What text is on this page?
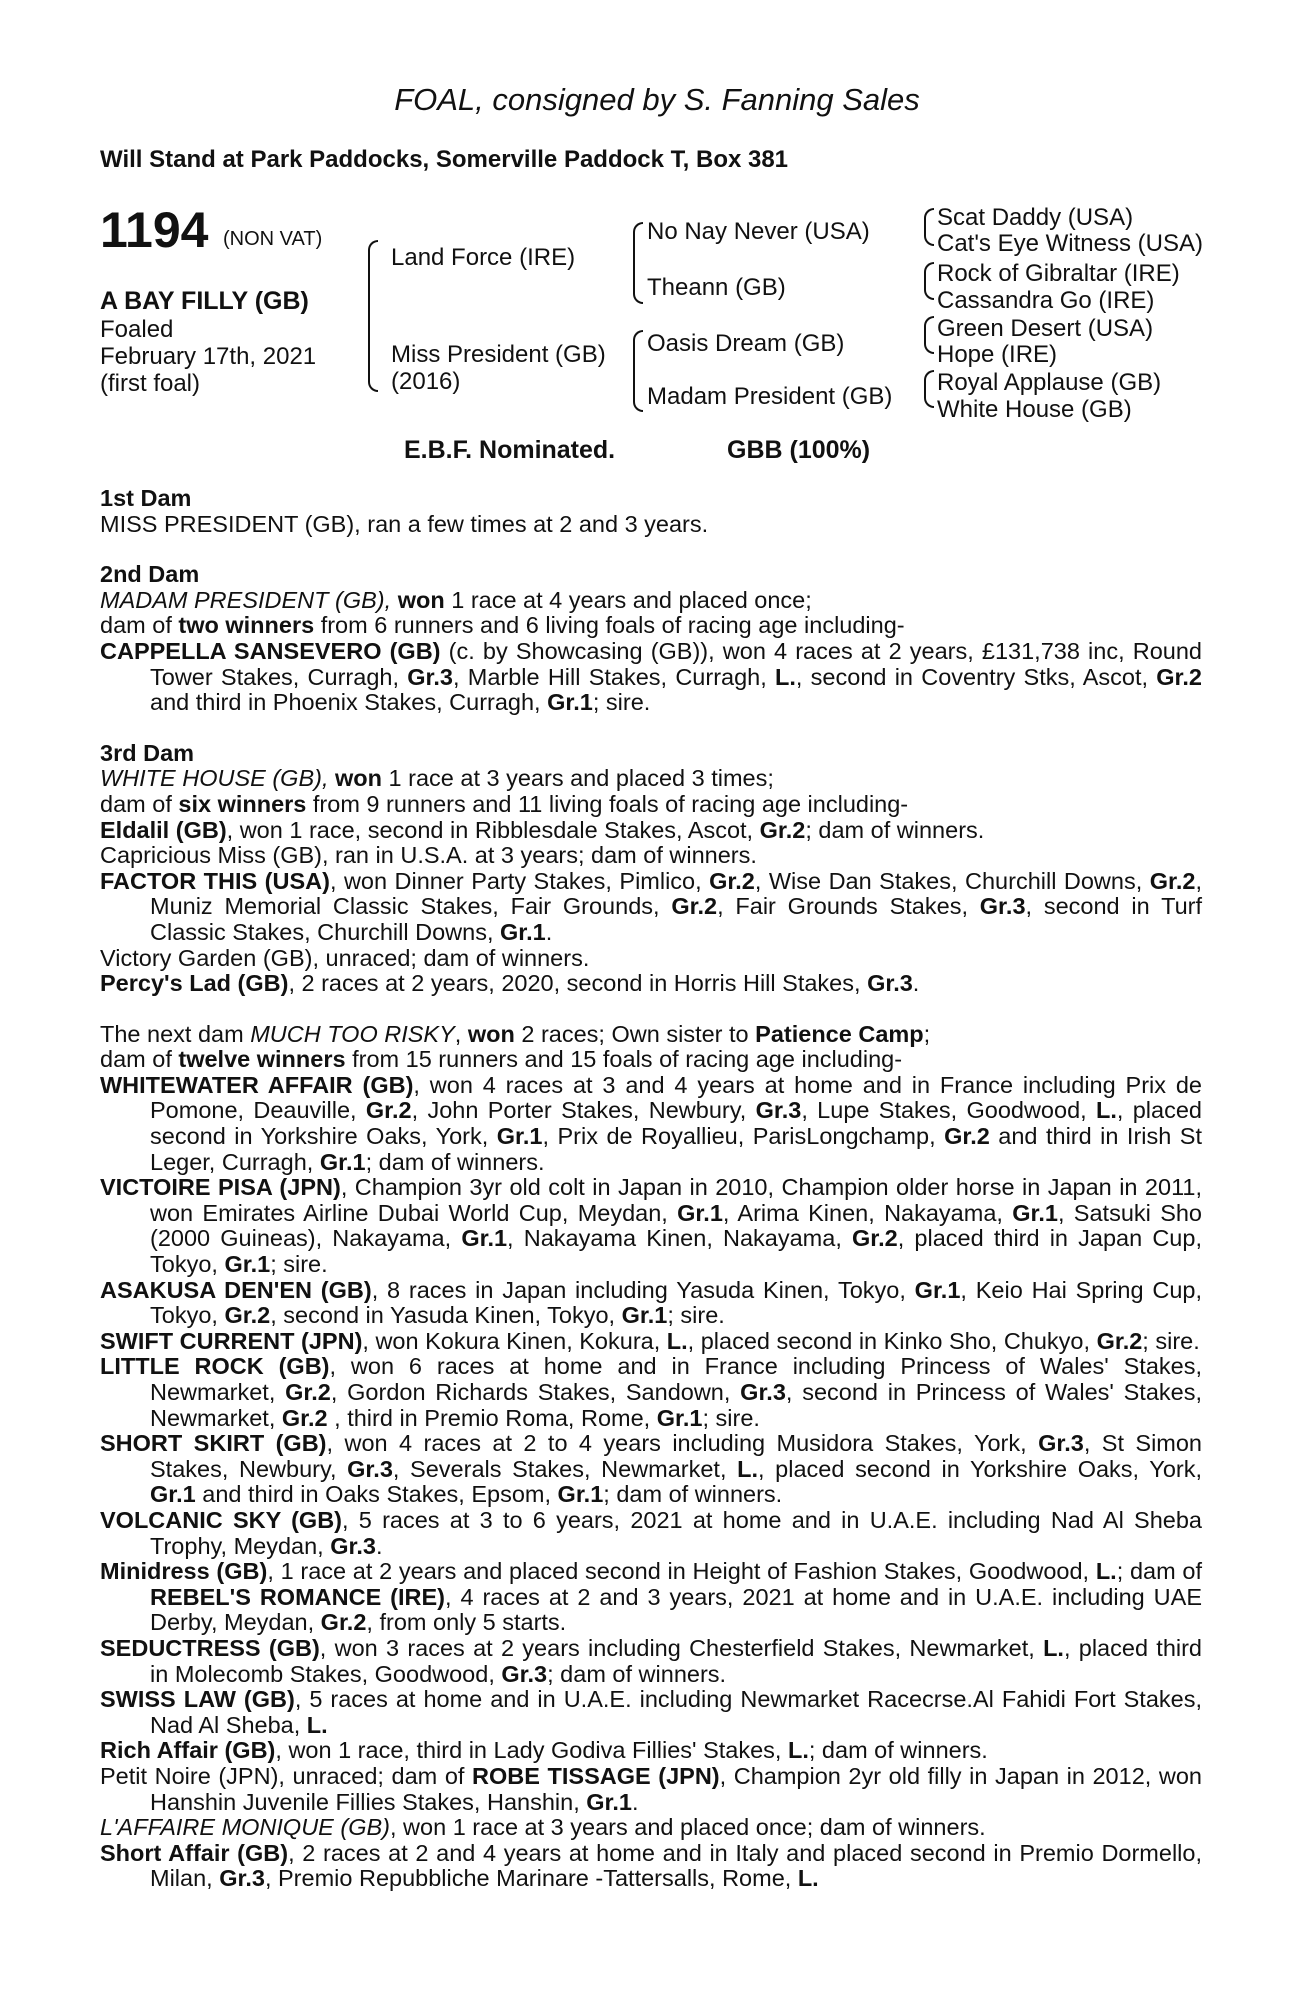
FOAL, consigned by S. Fanning Sales
Will Stand at Park Paddocks, Somerville Paddock T, Box 381
1194 (NON VAT)
A BAY FILLY (GB)
Foaled
February 17th, 2021
(first foal)
Land Force (IRE)
Miss President (GB)
(2016)
No Nay Never (USA)
Theann (GB)
Oasis Dream (GB)
Madam President (GB)
Scat Daddy (USA)
Cat's Eye Witness (USA)
Rock of Gibraltar (IRE)
Cassandra Go (IRE)
Green Desert (USA)
Hope (IRE)
Royal Applause (GB)
White House (GB)
E.B.F. Nominated.	GBB (100%)

1st Dam

MISS PRESIDENT (GB), ran a few times at 2 and 3 years.

2nd Dam

MADAM PRESIDENT (GB), won 1 race at 4 years and placed once;

dam of two winners from 6 runners and 6 living foals of racing age including-

CAPPELLA SANSEVERO (GB) (c. by Showcasing (GB)), won 4 races at 2 years, £131,738 inc, Round Tower Stakes, Curragh, Gr.3, Marble Hill Stakes, Curragh, L., second in Coventry Stks, Ascot, Gr.2 and third in Phoenix Stakes, Curragh, Gr.1; sire.

3rd Dam

WHITE HOUSE (GB), won 1 race at 3 years and placed 3 times;

dam of six winners from 9 runners and 11 living foals of racing age including-

Eldalil (GB), won 1 race, second in Ribblesdale Stakes, Ascot, Gr.2; dam of winners.

Capricious Miss (GB), ran in U.S.A. at 3 years; dam of winners.

FACTOR THIS (USA), won Dinner Party Stakes, Pimlico, Gr.2, Wise Dan Stakes, Churchill Downs, Gr.2, Muniz Memorial Classic Stakes, Fair Grounds, Gr.2, Fair Grounds Stakes, Gr.3, second in Turf Classic Stakes, Churchill Downs, Gr.1.

Victory Garden (GB), unraced; dam of winners.

Percy's Lad (GB), 2 races at 2 years, 2020, second in Horris Hill Stakes, Gr.3.

The next dam MUCH TOO RISKY, won 2 races; Own sister to Patience Camp;

dam of twelve winners from 15 runners and 15 foals of racing age including-

WHITEWATER AFFAIR (GB), won 4 races at 3 and 4 years at home and in France including Prix de Pomone, Deauville, Gr.2, John Porter Stakes, Newbury, Gr.3, Lupe Stakes, Goodwood, L., placed second in Yorkshire Oaks, York, Gr.1, Prix de Royallieu, ParisLongchamp, Gr.2 and third in Irish St Leger, Curragh, Gr.1; dam of winners.

VICTOIRE PISA (JPN), Champion 3yr old colt in Japan in 2010, Champion older horse in Japan in 2011, won Emirates Airline Dubai World Cup, Meydan, Gr.1, Arima Kinen, Nakayama, Gr.1, Satsuki Sho (2000 Guineas), Nakayama, Gr.1, Nakayama Kinen, Nakayama, Gr.2, placed third in Japan Cup, Tokyo, Gr.1; sire.

ASAKUSA DEN'EN (GB), 8 races in Japan including Yasuda Kinen, Tokyo, Gr.1, Keio Hai Spring Cup, Tokyo, Gr.2, second in Yasuda Kinen, Tokyo, Gr.1; sire.

SWIFT CURRENT (JPN), won Kokura Kinen, Kokura, L., placed second in Kinko Sho, Chukyo, Gr.2; sire.

LITTLE ROCK (GB), won 6 races at home and in France including Princess of Wales' Stakes, Newmarket, Gr.2, Gordon Richards Stakes, Sandown, Gr.3, second in Princess of Wales' Stakes, Newmarket, Gr.2 , third in Premio Roma, Rome, Gr.1; sire.

SHORT SKIRT (GB), won 4 races at 2 to 4 years including Musidora Stakes, York, Gr.3, St Simon Stakes, Newbury, Gr.3, Severals Stakes, Newmarket, L., placed second in Yorkshire Oaks, York, Gr.1 and third in Oaks Stakes, Epsom, Gr.1; dam of winners.

VOLCANIC SKY (GB), 5 races at 3 to 6 years, 2021 at home and in U.A.E. including Nad Al Sheba Trophy, Meydan, Gr.3.

Minidress (GB), 1 race at 2 years and placed second in Height of Fashion Stakes, Goodwood, L.; dam of REBEL'S ROMANCE (IRE), 4 races at 2 and 3 years, 2021 at home and in U.A.E. including UAE Derby, Meydan, Gr.2, from only 5 starts.

SEDUCTRESS (GB), won 3 races at 2 years including Chesterfield Stakes, Newmarket, L., placed third in Molecomb Stakes, Goodwood, Gr.3; dam of winners.

SWISS LAW (GB), 5 races at home and in U.A.E. including Newmarket Racecrse.Al Fahidi Fort Stakes, Nad Al Sheba, L.

Rich Affair (GB), won 1 race, third in Lady Godiva Fillies' Stakes, L.; dam of winners.

Petit Noire (JPN), unraced; dam of ROBE TISSAGE (JPN), Champion 2yr old filly in Japan in 2012, won Hanshin Juvenile Fillies Stakes, Hanshin, Gr.1.

L'AFFAIRE MONIQUE (GB), won 1 race at 3 years and placed once; dam of winners.

Short Affair (GB), 2 races at 2 and 4 years at home and in Italy and placed second in Premio Dormello, Milan, Gr.3, Premio Repubbliche Marinare -Tattersalls, Rome, L.
